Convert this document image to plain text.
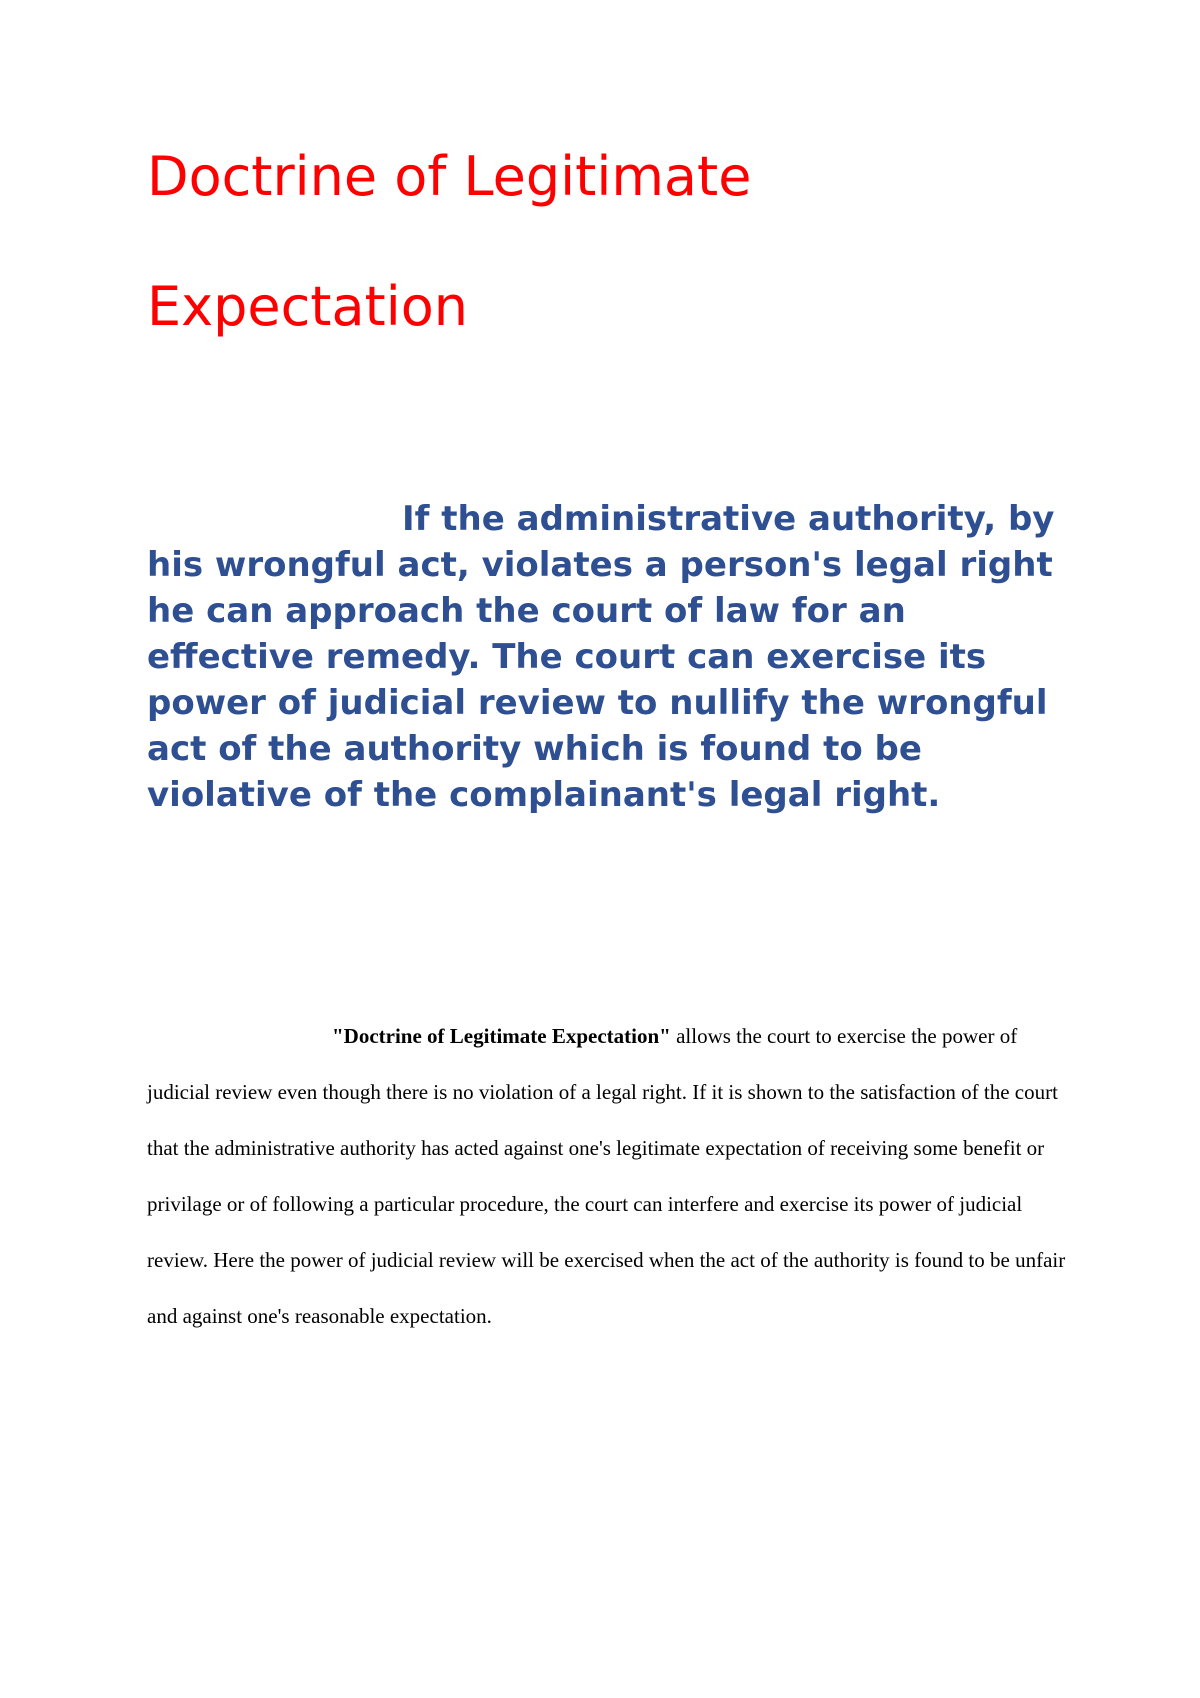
Doctrine of Legitimate
Expectation

If the administrative authority, by his wrongful act, violates a person's legal right he can approach the court of law for an effective remedy. The court can exercise its power of judicial review to nullify the wrongful act of the authority which is found to be violative of the complainant's legal right.

"Doctrine of Legitimate Expectation" allows the court to exercise the power of judicial review even though there is no violation of a legal right. If it is shown to the satisfaction of the court that the administrative authority has acted against one's legitimate expectation of receiving some benefit or privilage or of following a particular procedure, the court can interfere and exercise its power of judicial review. Here the power of judicial review will be exercised when the act of the authority is found to be unfair and against one's reasonable expectation.
